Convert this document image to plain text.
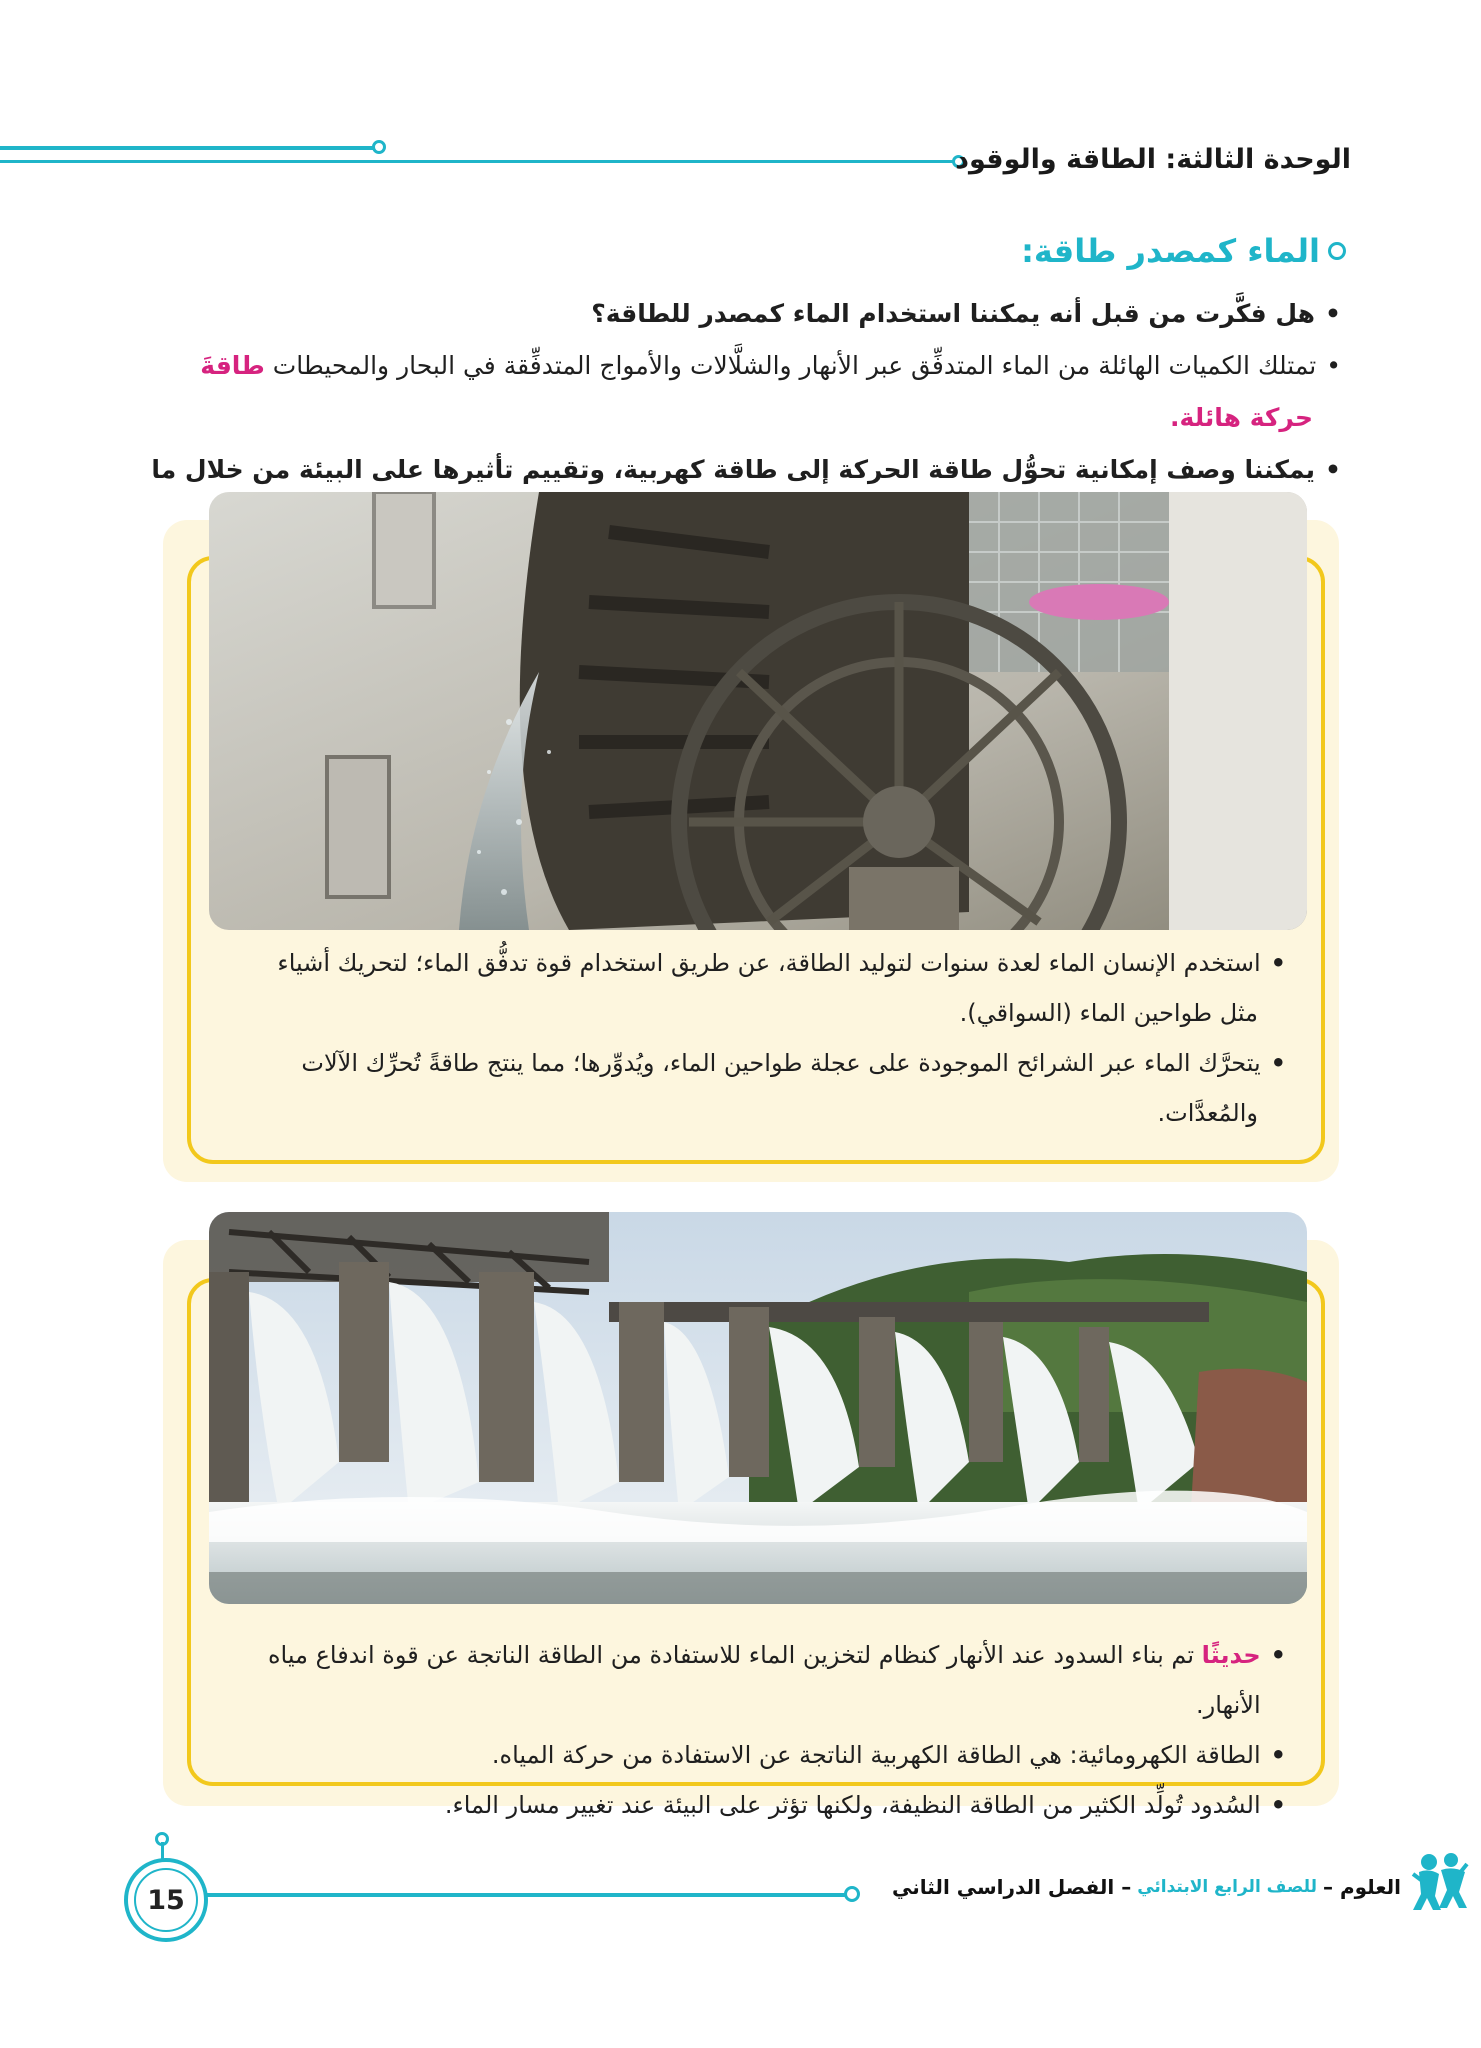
الوحدة الثالثة: الطاقة والوقود
الماء كمصدر طاقة:
•
هل فكَّرت من قبل أنه يمكننا استخدام الماء كمصدر للطاقة؟
•
تمتلك الكميات الهائلة من الماء المتدفِّق عبر الأنهار والشلَّالات والأمواج المتدفِّقة في البحار والمحيطات طاقةَ
حركة هائلة.
•
يمكننا وصف إمكانية تحوُّل طاقة الحركة إلى طاقة كهربية، وتقييم تأثيرها على البيئة من خلال ما
•
استخدم الإنسان الماء لعدة سنوات لتوليد الطاقة، عن طريق استخدام قوة تدفُّق الماء؛ لتحريك أشياء
مثل طواحين الماء (السواقي).
•
يتحرَّك الماء عبر الشرائح الموجودة على عجلة طواحين الماء، ويُدوِّرها؛ مما ينتج طاقةً تُحرِّك الآلات
والمُعدَّات.
•
حديثًا تم بناء السدود عند الأنهار كنظام لتخزين الماء للاستفادة من الطاقة الناتجة عن قوة اندفاع مياه الأنهار.
•
الطاقة الكهرومائية: هي الطاقة الكهربية الناتجة عن الاستفادة من حركة المياه.
•
السُدود تُولِّد الكثير من الطاقة النظيفة، ولكنها تؤثر على البيئة عند تغيير مسار الماء.
15	العلوم –
للصف الرابع الابتدائي
– الفصل الدراسي الثاني
